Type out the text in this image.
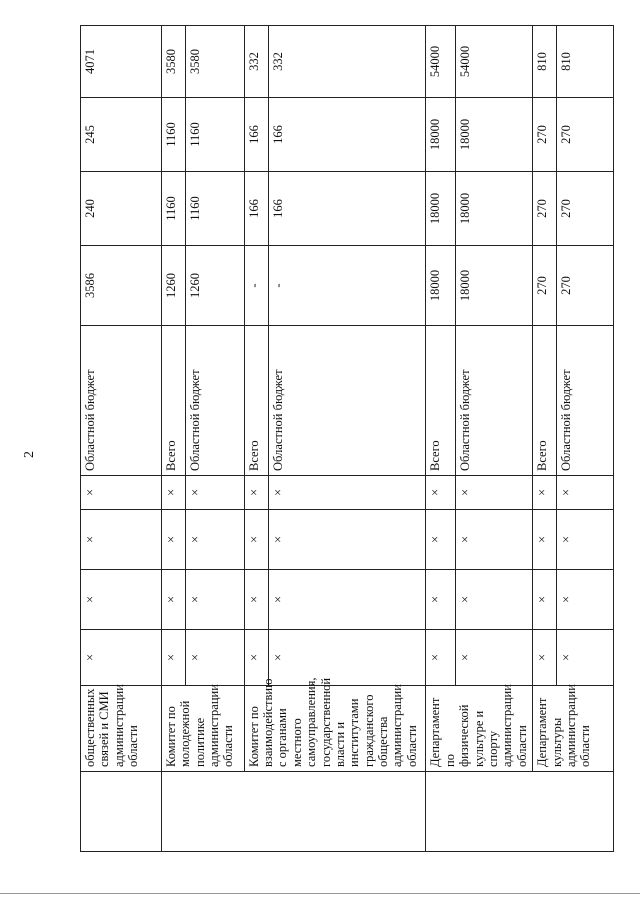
2
	общественных связей и СМИ администрации области	×	×	×	×	Областной бюджет	3586	240	245	4071
	Комитет по молодежной политике администрации области	×	×	×	×	Всего	1260	1160	1160	3580
		×	×	×	×	Областной бюджет	1260	1160	1160	3580
	Комитет по взаимодействию с органами местного самоуправления, государственной власти и институтами гражданского общества администрации области	×	×	×	×	Всего	-	166	166	332
		×	×	×	×	Областной бюджет	-	166	166	332
	Департамент по физической культуре и спорту администрации области	×	×	×	×	Всего	18000	18000	18000	54000
		×	×	×	×	Областной бюджет	18000	18000	18000	54000
	Департамент культуры администрации области	×	×	×	×	Всего	270	270	270	810
		×	×	×	×	Областной бюджет	270	270	270	810
